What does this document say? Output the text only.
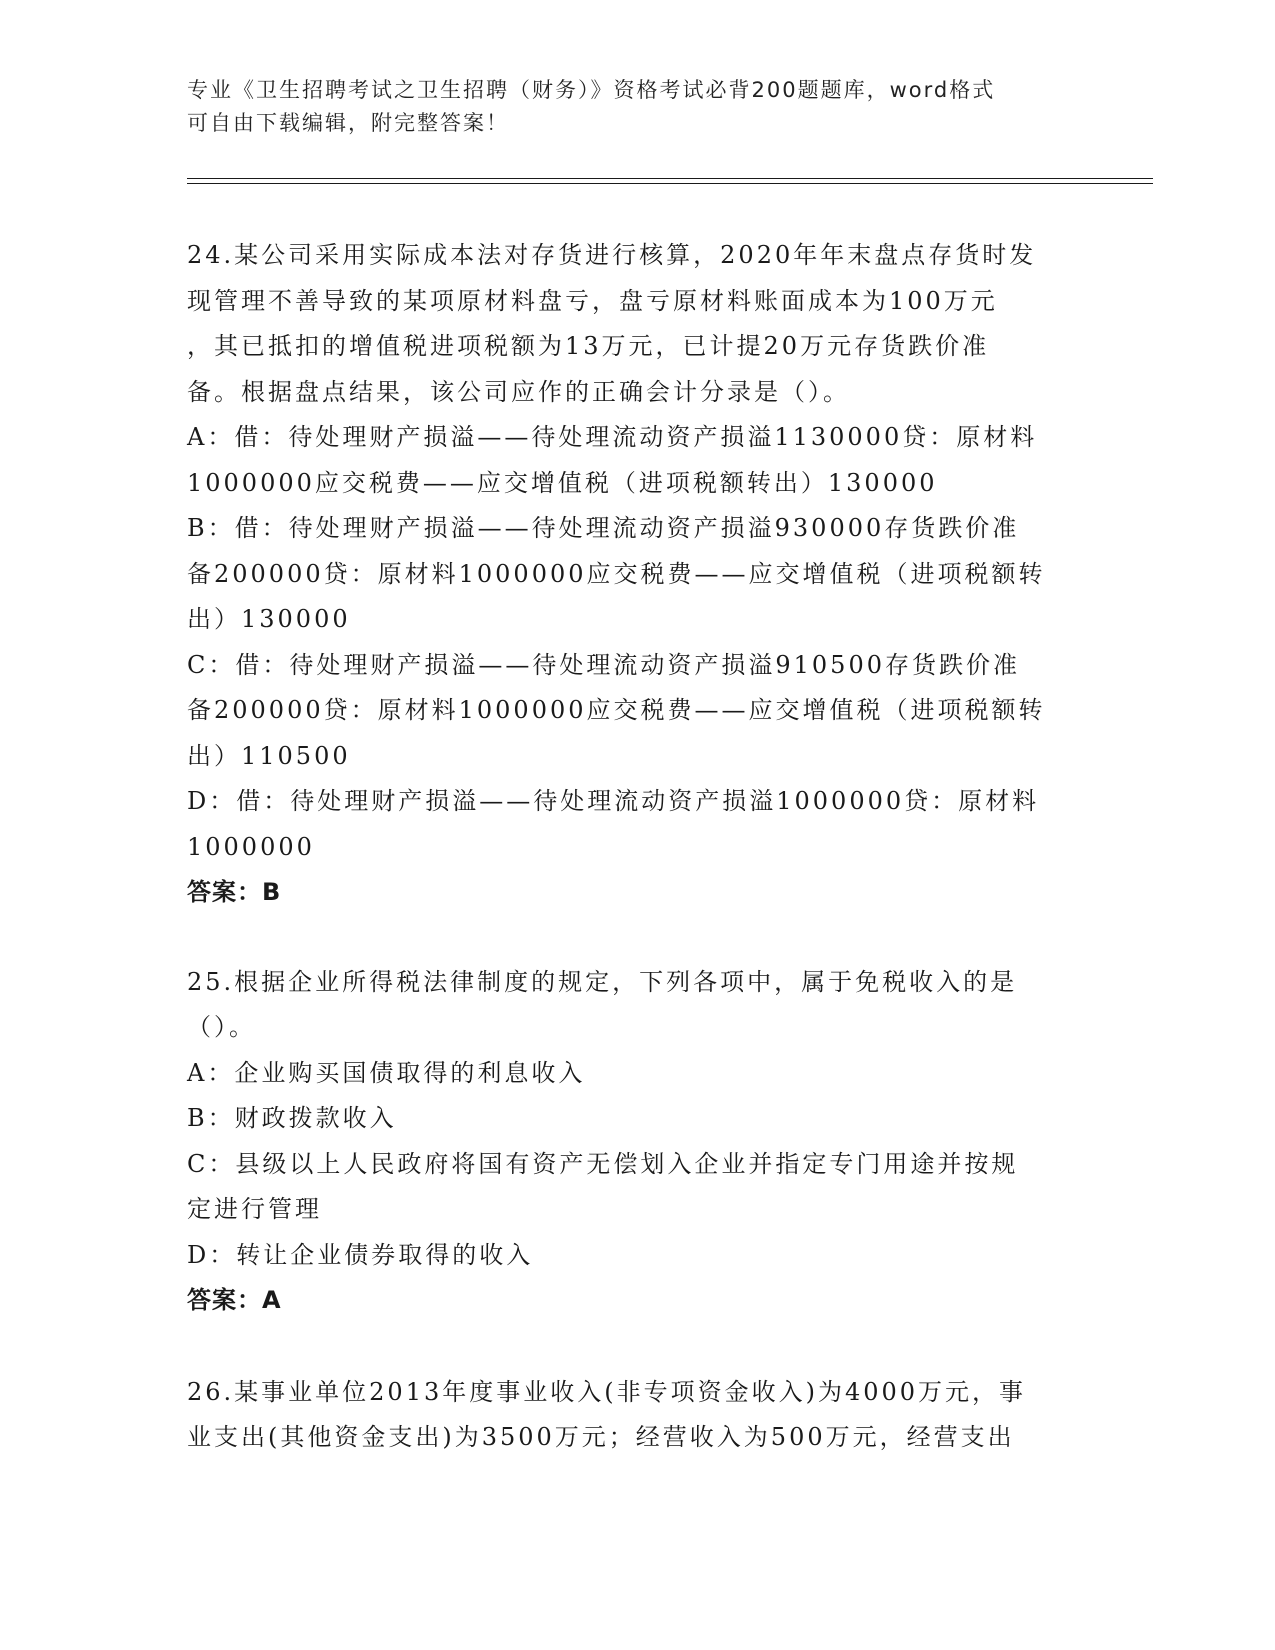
专业《卫生招聘考试之卫生招聘（财务）》资格考试必背200题题库，word格式
可自由下载编辑，附完整答案！
24.某公司采用实际成本法对存货进行核算，2020年年末盘点存货时发
现管理不善导致的某项原材料盘亏，盘亏原材料账面成本为100万元
，其已抵扣的增值税进项税额为13万元，已计提20万元存货跌价准
备。根据盘点结果，该公司应作的正确会计分录是（）。
A：借：待处理财产损溢——待处理流动资产损溢1130000贷：原材料
1000000应交税费——应交增值税（进项税额转出）130000
B：借：待处理财产损溢——待处理流动资产损溢930000存货跌价准
备200000贷：原材料1000000应交税费——应交增值税（进项税额转
出）130000
C：借：待处理财产损溢——待处理流动资产损溢910500存货跌价准
备200000贷：原材料1000000应交税费——应交增值税（进项税额转
出）110500
D：借：待处理财产损溢——待处理流动资产损溢1000000贷：原材料
1000000
答案：B
25.根据企业所得税法律制度的规定，下列各项中，属于免税收入的是
（）。
A：企业购买国债取得的利息收入
B：财政拨款收入
C：县级以上人民政府将国有资产无偿划入企业并指定专门用途并按规
定进行管理
D：转让企业债券取得的收入
答案：A
26.某事业单位2013年度事业收入(非专项资金收入)为4000万元，事
业支出(其他资金支出)为3500万元；经营收入为500万元，经营支出
